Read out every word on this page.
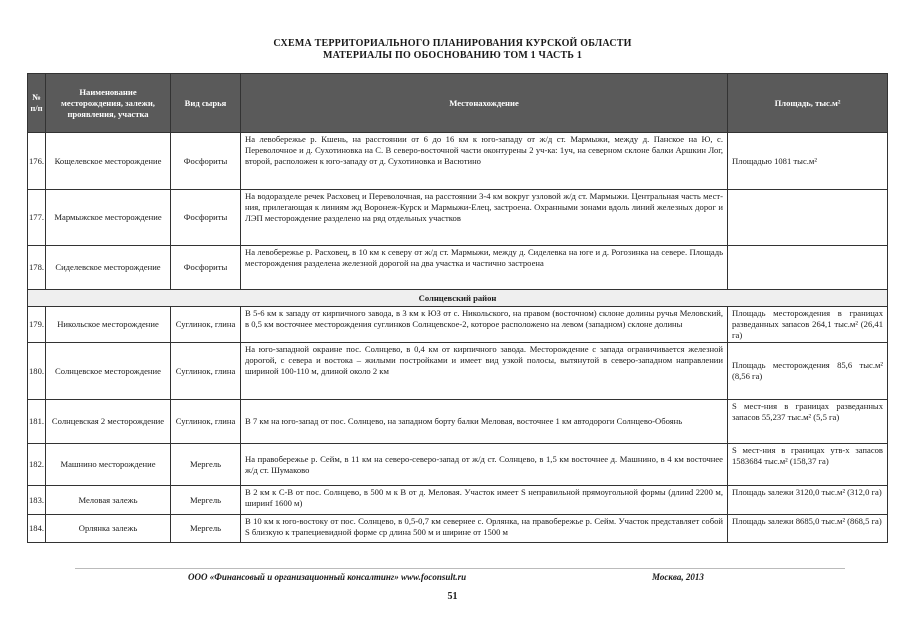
СХЕМА ТЕРРИТОРИАЛЬНОГО ПЛАНИРОВАНИЯ КУРСКОЙ ОБЛАСТИ
МАТЕРИАЛЫ ПО ОБОСНОВАНИЮ ТОМ 1 ЧАСТЬ 1
№ п/п	Наименование месторождения, залежи, проявления, участка	Вид сырья	Местонахождение	Площадь, тыс.м²
176.	Кощелевское месторождение	Фосфориты	На левобережье р. Кшень, на расстоянии от 6 до 16 км к юго-западу от ж/д ст. Мармыжи, между д. Панское на Ю, с. Переволочное и д. Сухотиновка на С. В северо-восточной части оконтурены 2 уч-ка: 1уч, на северном склоне балки Аршкин Лог, второй, расположен к юго-западу от д. Сухотиновка и Васютино	Площадью 1081 тыс.м²
177.	Мармыжское месторождение	Фосфориты	На водоразделе речек Расховец и Переволочная, на расстоянии 3-4 км вокруг узловой ж/д ст. Мармыжи. Центральная часть мест-ния, прилегающая к линиям жд Воронеж-Курск и Мармыжи-Елец, застроена. Охранными зонами вдоль линий железных дорог и ЛЭП месторождение разделено на ряд отдельных участков	
178.	Сиделевское месторождение	Фосфориты	На левобережье р. Расховец, в 10 км к северу от ж/д ст. Мармыжи, между д. Сиделевка на юге и д. Рогозинка на севере. Площадь месторождения разделена железной дорогой на два участка и частично застроена	
Солнцевский район				
179.	Никольское месторождение	Суглинок, глина	В 5-6 км к западу от кирпичного завода, в 3 км к ЮЗ от с. Никольского, на правом (восточном) склоне долины ручья Меловский, в 0,5 км восточнее месторождения суглинков Солнцевское-2, которое расположено на левом (западном) склоне долины	Площадь месторождения в границах разведанных запасов 264,1 тыс.м² (26,41 га)
180.	Солнцевское месторождение	Суглинок, глина	На юго-западной окраине пос. Солнцево, в 0,4 км от кирпичного завода. Месторождение с запада ограничивается железной дорогой, с севера и востока – жилыми постройками и имеет вид узкой полосы, вытянутой в северо-западном направлении шириной 100-110 м, длиной около 2 км	Площадь месторождения 85,6 тыс.м² (8,56 га)
181.	Солнцевская 2 месторождение	Суглинок, глина	В 7 км на юго-запад от пос. Солнцево, на западном борту балки Меловая, восточнее 1 км автодороги Солнцево-Обоянь	S мест-ния в границах разведанных запасов 55,237 тыс.м² (5,5 га)
182.	Машнино месторождение	Мергель	На правобережье р. Сейм, в 11 км на северо-северо-запад от ж/д ст. Солнцево, в 1,5 км восточнее д. Машнино, в 4 км восточнее ж/д ст. Шумаково	S мест-ния в границах утв-х запасов 1583684 тыс.м² (158,37 га)
183.	Меловая залежь	Мергель	В 2 км к С-В от пос. Солнцево, в 500 м к В от д. Меловая. Участок имеет S неправильной прямоугольной формы (длинd 2200 м, ширинf 1600 м)	Площадь залежи 3120,0 тыс.м² (312,0 га)
184.	Орлянка залежь	Мергель	В 10 км к юго-востоку от пос. Солнцево, в 0,5-0,7 км севернее с. Орлянка, на правобережье р. Сейм. Участок представляет собой S близкую к трапециевидной форме ср длина 500 м и ширине от 1500 м	Площадь залежи 8685,0 тыс.м² (868,5 га)
ООО «Финансовый и организационный консалтинг» www.foconsult.ru	Москва, 2013
51
